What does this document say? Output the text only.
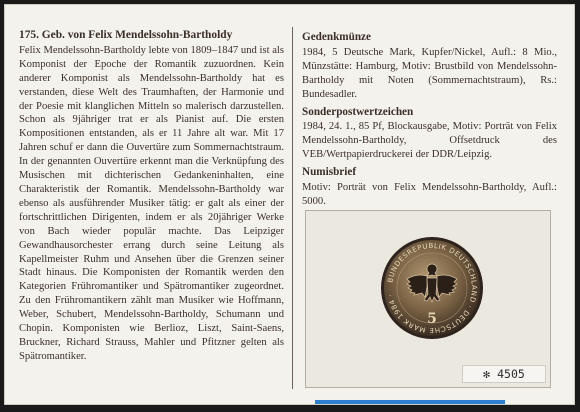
175. Geb. von Felix Mendelssohn-Bartholdy

Felix Mendelssohn-Bartholdy lebte von 1809–1847 und ist als Komponist der Epoche der Romantik zuzuordnen. Kein anderer Komponist als Mendelssohn-Bartholdy hat es verstanden, diese Welt des Traumhaften, der Harmonie und der Poesie mit klanglichen Mitteln so malerisch darzustellen. Schon als 9jähriger trat er als Pianist auf. Die ersten Kompositionen entstanden, als er 11 Jahre alt war. Mit 17 Jahren schuf er dann die Ouvertüre zum Sommernachtstraum. In der genannten Ouvertüre erkennt man die Verknüpfung des Musischen mit dichterischen Gedankeninhalten, eine Charakteristik der Romantik. Mendelssohn-Bartholdy war ebenso als ausführender Musiker tätig: er galt als einer der fortschrittlichen Dirigenten, indem er als 20jähriger Werke von Bach wieder populär machte. Das Leipziger Gewandhausorchester errang durch seine Leitung als Kapellmeister Ruhm und Ansehen über die Grenzen seiner Stadt hinaus. Die Komponisten der Romantik werden den Kategorien Frühromantiker und Spätromantiker zugeordnet. Zu den Frühromantikern zählt man Musiker wie Hoffmann, Weber, Schubert, Mendelssohn-Bartholdy, Schumann und Chopin. Komponisten wie Berlioz, Liszt, Saint-Saens, Bruckner, Richard Strauss, Mahler und Pfitzner gelten als Spätromantiker.

Gedenkmünze
1984, 5 Deutsche Mark, Kupfer/Nickel, Aufl.: 8 Mio., Münzstätte: Hamburg, Motiv: Brustbild von Mendelssohn-Bartholdy mit Noten (Sommernachtstraum), Rs.: Bundesadler.
Sonderpostwertzeichen
1984, 24. 1., 85 Pf, Blockausgabe, Motiv: Porträt von Felix Mendelssohn-Bartholdy, Offsetdruck des VEB/Wertpapierdruckerei der DDR/Leipzig.
Numisbrief
Motiv: Porträt von Felix Mendelssohn-Bartholdy, Aufl.: 5000.
BUNDESREPUBLIK DEUTSCHLAND · DEUTSCHE MARK 1984 ·
5
✻ 4505
